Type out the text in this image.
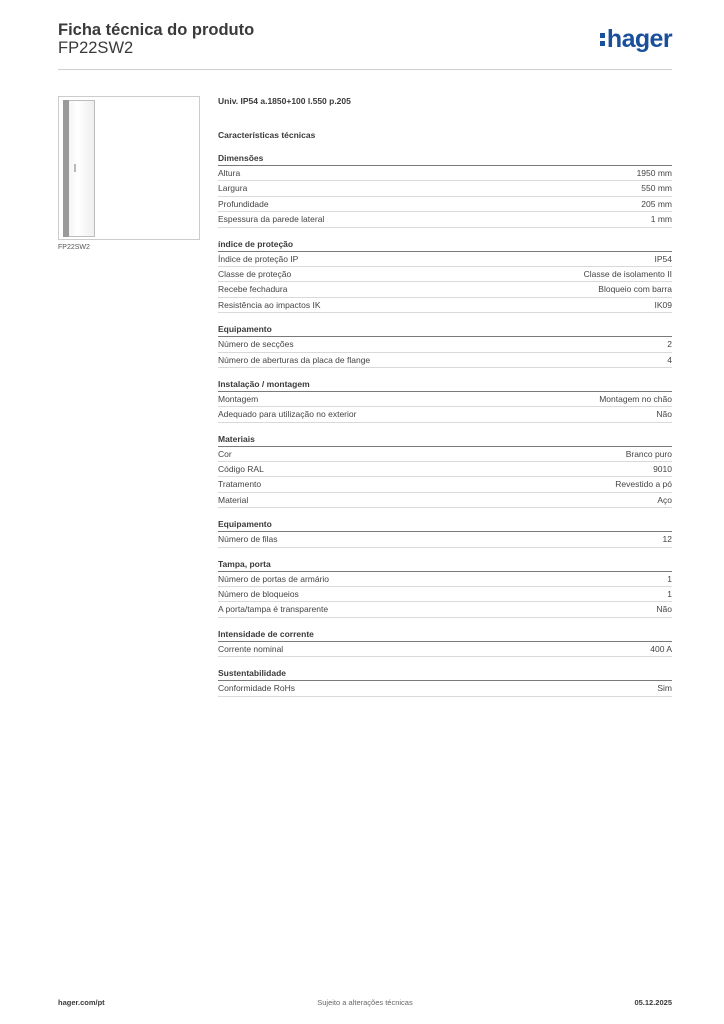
Ficha técnica do produto
FP22SW2	hager
FP22SW2
Univ. IP54 a.1850+100 l.550 p.205
Características técnicas
Dimensões
Altura	1950 mm
Largura	550 mm
Profundidade	205 mm
Espessura da parede lateral	1 mm
índice de proteção
Índice de proteção IP	IP54
Classe de proteção	Classe de isolamento II
Recebe fechadura	Bloqueio com barra
Resistência ao impactos IK	IK09
Equipamento
Número de secções	2
Número de aberturas da placa de flange	4
Instalação / montagem
Montagem	Montagem no chão
Adequado para utilização no exterior	Não
Materiais
Cor	Branco puro
Código RAL	9010
Tratamento	Revestido a pó
Material	Aço
Equipamento
Número de filas	12
Tampa, porta
Número de portas de armário	1
Número de bloqueios	1
A porta/tampa é transparente	Não
Intensidade de corrente
Corrente nominal	400 A
Sustentabilidade
Conformidade RoHs	Sim
hager.com/pt	Sujeito a alterações técnicas	05.12.2025
